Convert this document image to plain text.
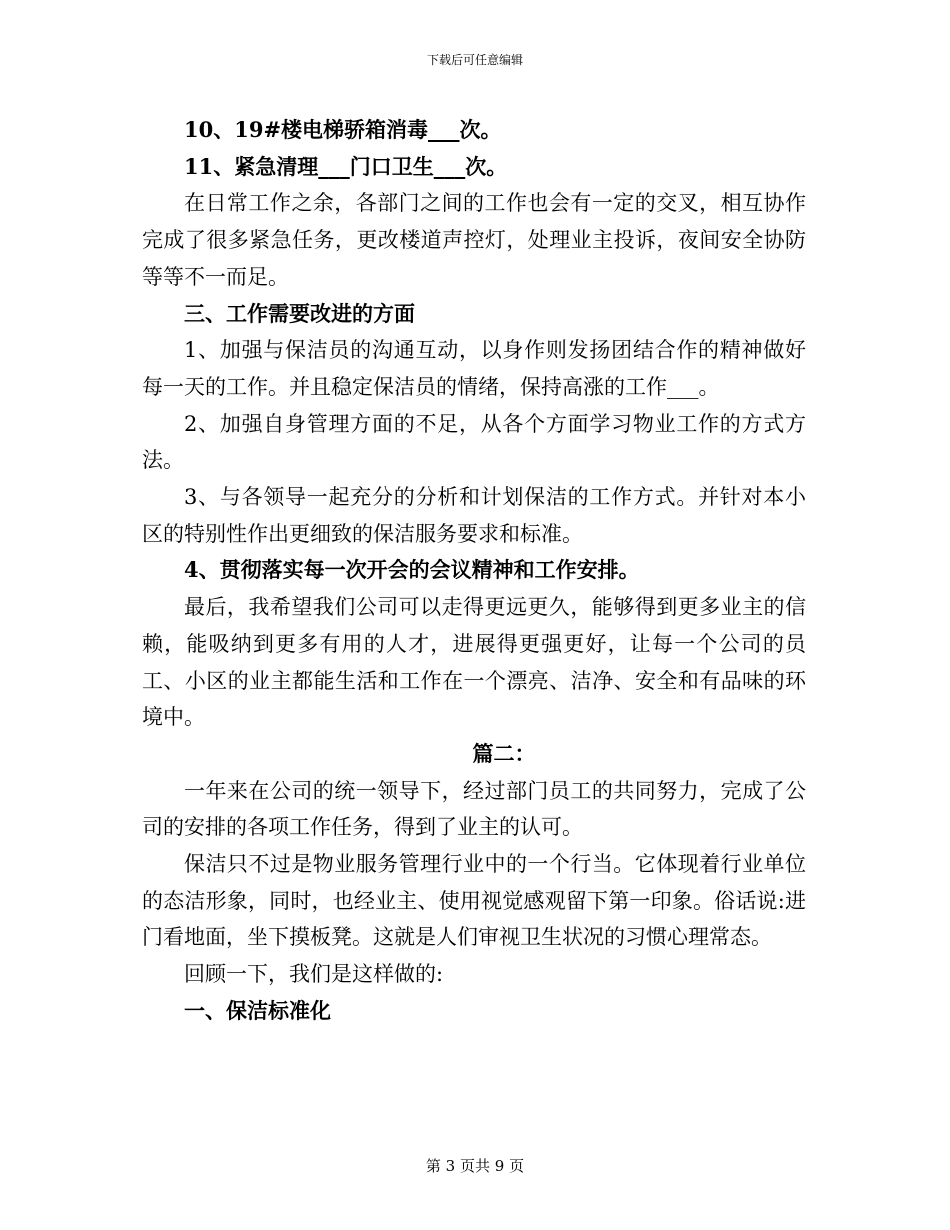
下载后可任意编辑

10、19#楼电梯骄箱消毒___次。

11、紧急清理___门口卫生___次。

在日常工作之余，各部门之间的工作也会有一定的交叉，相互协作完成了很多紧急任务，更改楼道声控灯，处理业主投诉，夜间安全协防等等不一而足。

三、工作需要改进的方面

1、加强与保洁员的沟通互动，以身作则发扬团结合作的精神做好每一天的工作。并且稳定保洁员的情绪，保持高涨的工作___。

2、加强自身管理方面的不足，从各个方面学习物业工作的方式方法。

3、与各领导一起充分的分析和计划保洁的工作方式。并针对本小区的特别性作出更细致的保洁服务要求和标准。

4、贯彻落实每一次开会的会议精神和工作安排。

最后，我希望我们公司可以走得更远更久，能够得到更多业主的信赖，能吸纳到更多有用的人才，进展得更强更好，让每一个公司的员工、小区的业主都能生活和工作在一个漂亮、洁净、安全和有品味的环境中。

篇二：

一年来在公司的统一领导下，经过部门员工的共同努力，完成了公司的安排的各项工作任务，得到了业主的认可。

保洁只不过是物业服务管理行业中的一个行当。它体现着行业单位的态洁形象，同时，也经业主、使用视觉感观留下第一印象。俗话说:进门看地面，坐下摸板凳。这就是人们审视卫生状况的习惯心理常态。

回顾一下，我们是这样做的:

一、保洁标准化

第 3 页共 9 页
